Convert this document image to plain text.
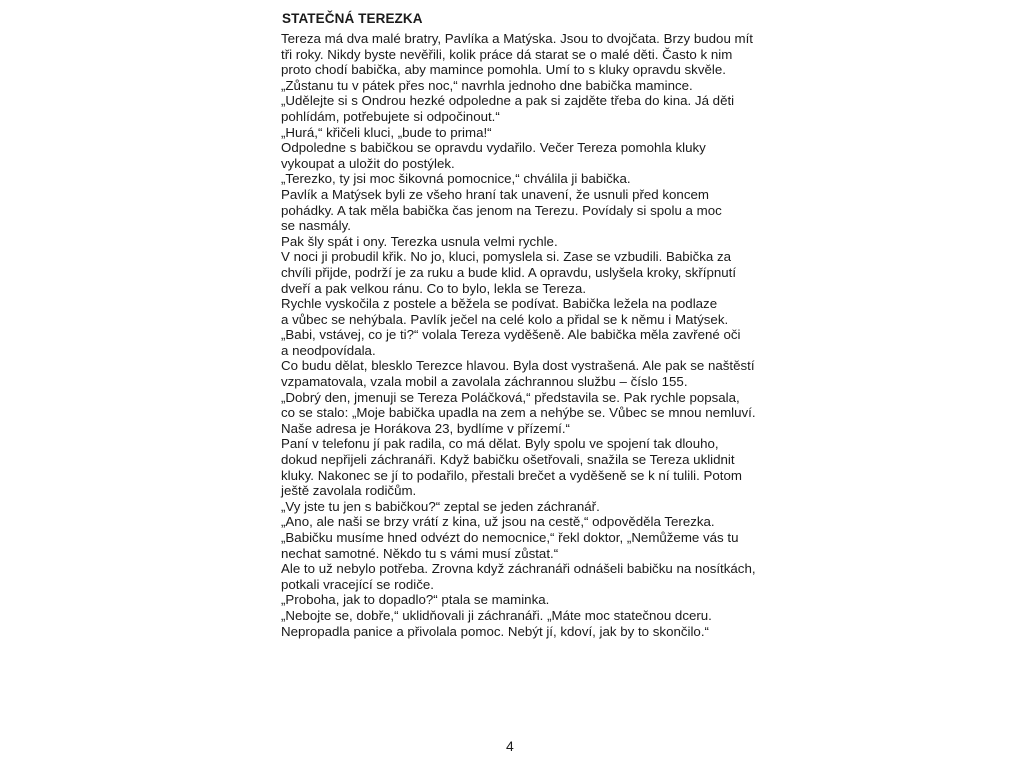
STATEČNÁ TEREZKA
Tereza má dva malé bratry, Pavlíka a Matýska. Jsou to dvojčata. Brzy budou mít
tři roky. Nikdy byste nevěřili, kolik práce dá starat se o malé děti. Často k nim
proto chodí babička, aby mamince pomohla. Umí to s kluky opravdu skvěle.
„Zůstanu tu v pátek přes noc,“ navrhla jednoho dne babička mamince.
„Udělejte si s Ondrou hezké odpoledne a pak si zajděte třeba do kina. Já děti
pohlídám, potřebujete si odpočinout.“
„Hurá,“ křičeli kluci, „bude to prima!“
Odpoledne s babičkou se opravdu vydařilo. Večer Tereza pomohla kluky
vykoupat a uložit do postýlek.
„Terezko, ty jsi moc šikovná pomocnice,“ chválila ji babička.
Pavlík a Matýsek byli ze všeho hraní tak unavení, že usnuli před koncem
pohádky. A tak měla babička čas jenom na Terezu. Povídaly si spolu a moc
se nasmály.
Pak šly spát i ony. Terezka usnula velmi rychle.
V noci ji probudil křik. No jo, kluci, pomyslela si. Zase se vzbudili. Babička za
chvíli přijde, podrží je za ruku a bude klid. A opravdu, uslyšela kroky, skřípnutí
dveří a pak velkou ránu. Co to bylo, lekla se Tereza.
Rychle vyskočila z postele a běžela se podívat. Babička ležela na podlaze
a vůbec se nehýbala. Pavlík ječel na celé kolo a přidal se k němu i Matýsek.
„Babi, vstávej, co je ti?“ volala Tereza vyděšeně. Ale babička měla zavřené oči
a neodpovídala.
Co budu dělat, blesklo Terezce hlavou. Byla dost vystrašená. Ale pak se naštěstí
vzpamatovala, vzala mobil a zavolala záchrannou službu – číslo 155.
„Dobrý den, jmenuji se Tereza Poláčková,“ představila se. Pak rychle popsala,
co se stalo: „Moje babička upadla na zem a nehýbe se. Vůbec se mnou nemluví.
Naše adresa je Horákova 23, bydlíme v přízemí.“
Paní v telefonu jí pak radila, co má dělat. Byly spolu ve spojení tak dlouho,
dokud nepřijeli záchranáři. Když babičku ošetřovali, snažila se Tereza uklidnit
kluky. Nakonec se jí to podařilo, přestali brečet a vyděšeně se k ní tulili. Potom
ještě zavolala rodičům.
„Vy jste tu jen s babičkou?“ zeptal se jeden záchranář.
„Ano, ale naši se brzy vrátí z kina, už jsou na cestě,“ odpověděla Terezka.
„Babičku musíme hned odvézt do nemocnice,“ řekl doktor, „Nemůžeme vás tu
nechat samotné. Někdo tu s vámi musí zůstat.“
Ale to už nebylo potřeba. Zrovna když záchranáři odnášeli babičku na nosítkách,
potkali vracející se rodiče.
„Proboha, jak to dopadlo?“ ptala se maminka.
„Nebojte se, dobře,“ uklidňovali ji záchranáři. „Máte moc statečnou dceru.
Nepropadla panice a přivolala pomoc. Nebýt jí, kdoví, jak by to skončilo.“
4
